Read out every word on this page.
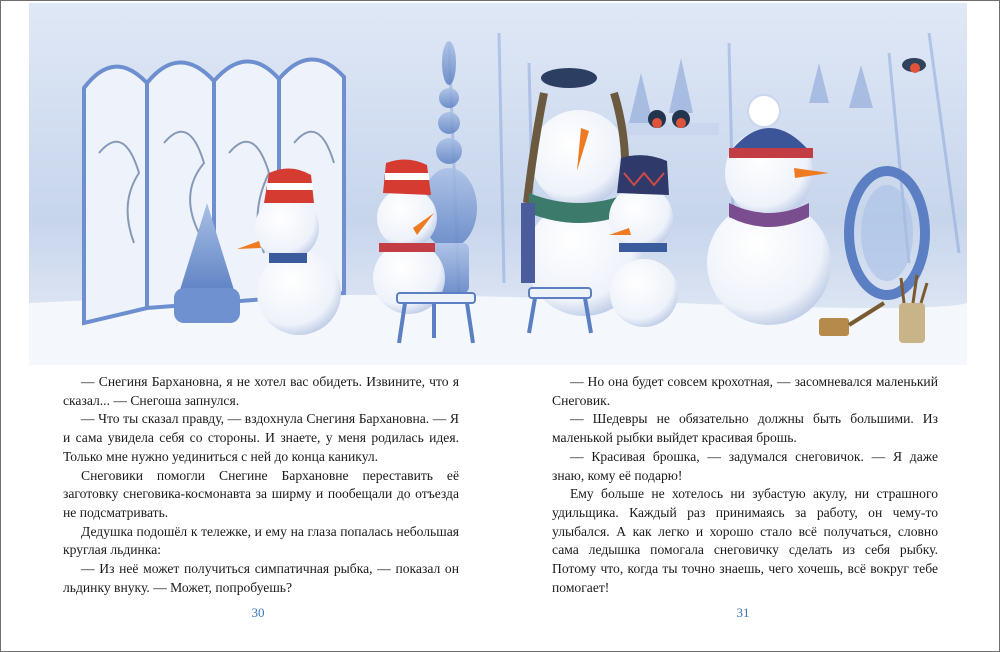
— Снегиня Бархановна, я не хотел вас обидеть. Извините, что я сказал... — Снегоша запнулся.

— Что ты сказал правду, — вздохнула Снегиня Бархановна. — Я и сама увидела себя со стороны. И знаете, у меня родилась идея. Только мне нужно уединиться с ней до конца каникул.

Снеговики помогли Снегине Бархановне переставить её заготовку снеговика-космонавта за ширму и пообещали до отъезда не подсматривать.

Дедушка подошёл к тележке, и ему на глаза попалась небольшая круглая льдинка:

— Из неё может получиться симпатичная рыбка, — показал он льдинку внуку. — Может, попробуешь?

— Но она будет совсем крохотная, — засомневался маленький Снеговик.

— Шедевры не обязательно должны быть большими. Из маленькой рыбки выйдет красивая брошь.

— Красивая брошка, — задумался снеговичок. — Я даже знаю, кому её подарю!

Ему больше не хотелось ни зубастую акулу, ни страшного удильщика. Каждый раз принимаясь за работу, он чему-то улыбался. А как легко и хорошо стало всё получаться, словно сама ледышка помогала снеговичку сделать из себя рыбку. Потому что, когда ты точно знаешь, чего хочешь, всё вокруг тебе помогает!

30	31
